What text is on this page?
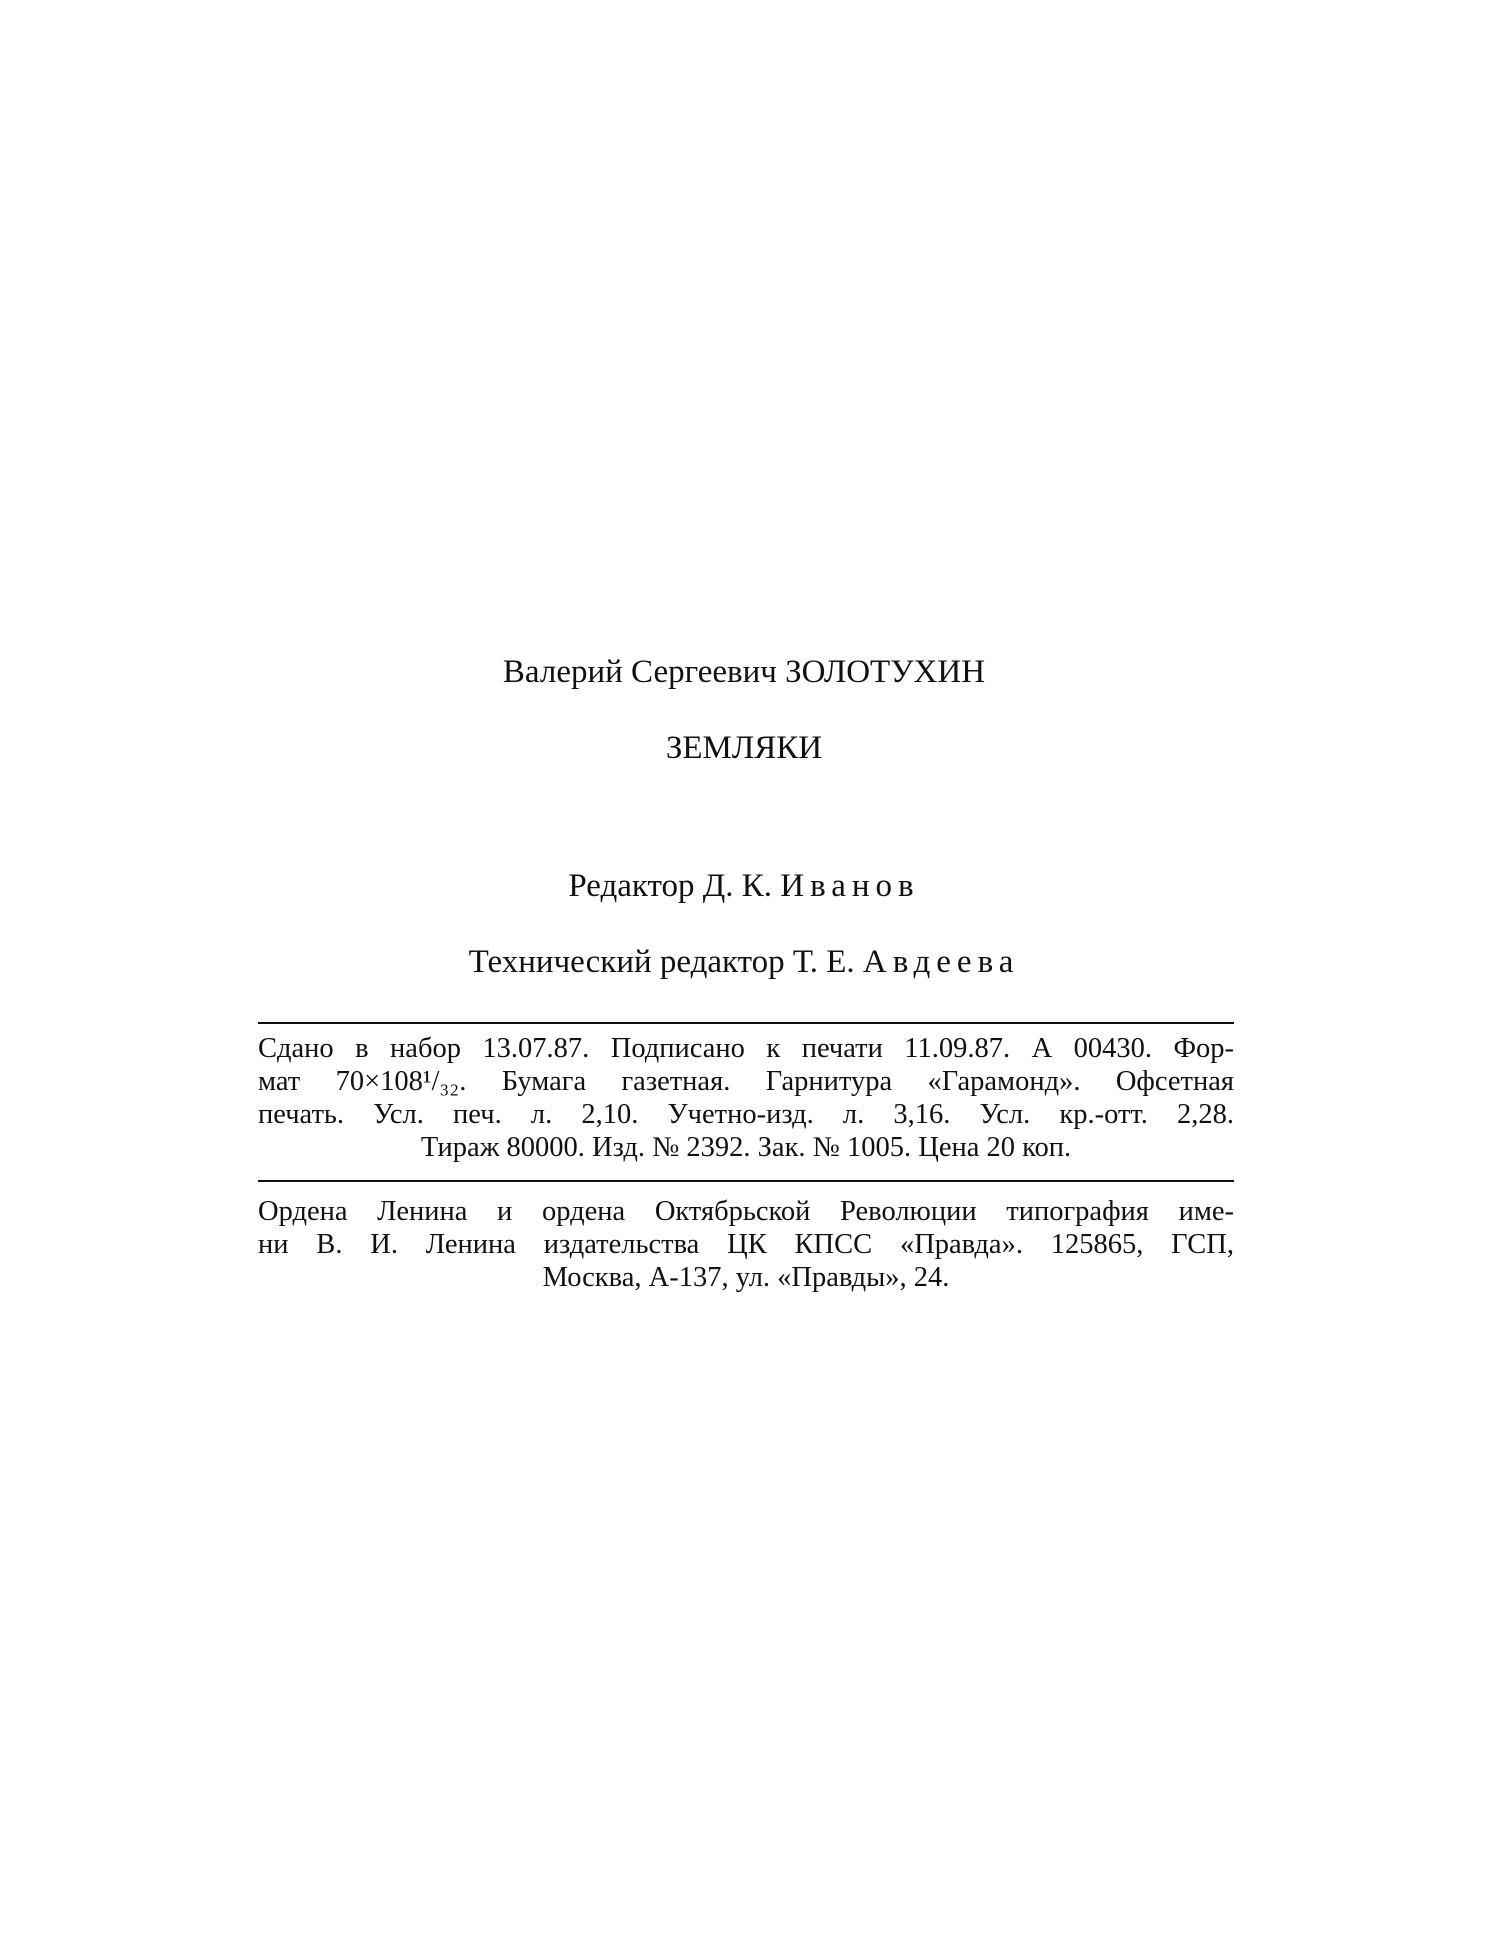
Валерий Сергеевич ЗОЛОТУХИН
ЗЕМЛЯКИ
Редактор Д. К. Иванов
Технический редактор Т. Е. Авдеева
Сдано в набор 13.07.87. Подписано к печати 11.09.87. А 00430. Фор-
мат 70×108¹/₃₂. Бумага газетная. Гарнитура «Гарамонд». Офсетная
печать. Усл. печ. л. 2,10. Учетно-изд. л. 3,16. Усл. кр.-отт. 2,28.
Тираж 80000. Изд. № 2392. Зак. № 1005. Цена 20 коп.
Ордена Ленина и ордена Октябрьской Революции типография име-
ни В. И. Ленина издательства ЦК КПСС «Правда». 125865, ГСП,
Москва, А-137, ул. «Правды», 24.
